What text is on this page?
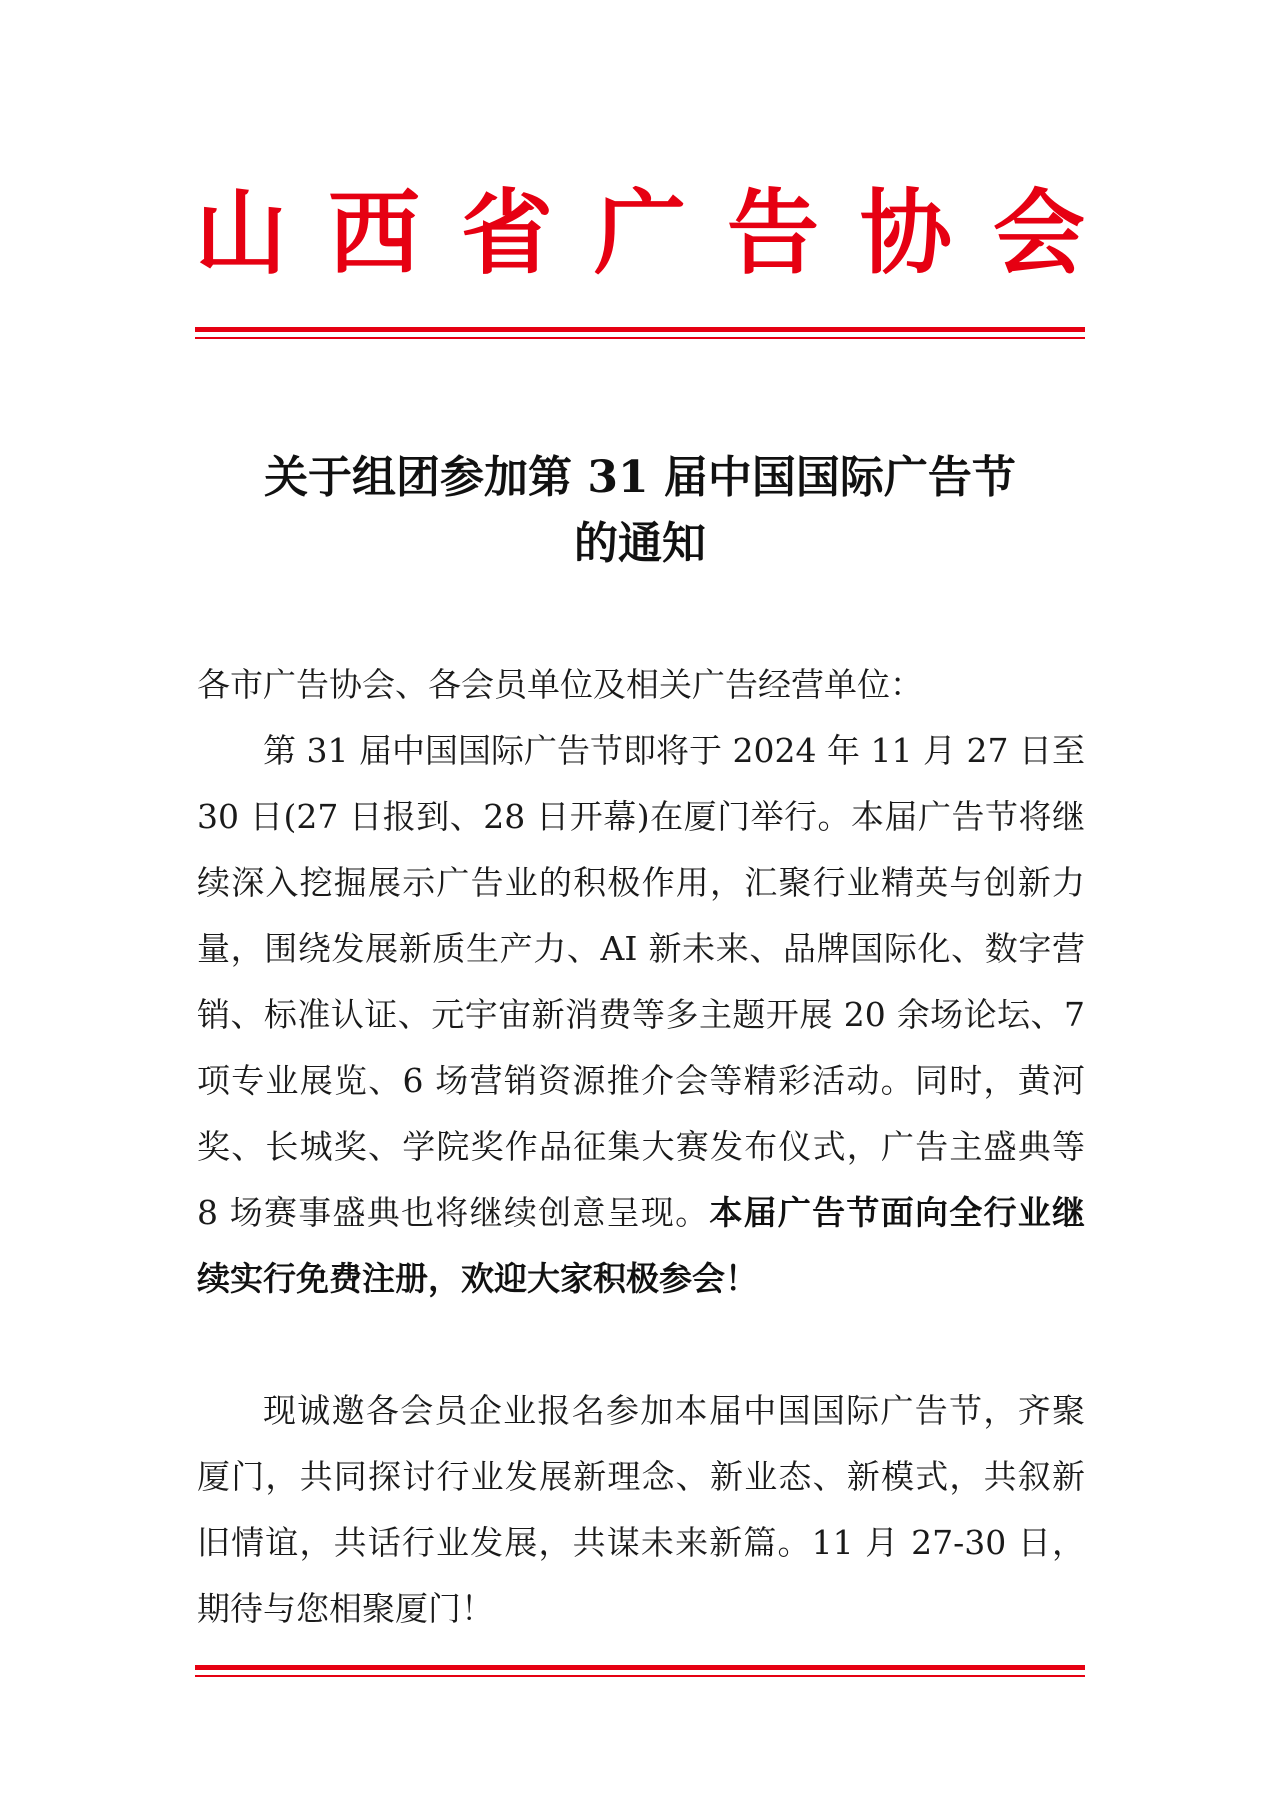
山 西 省 广 告 协 会
关于组团参加第 31 届中国国际广告节
的通知
各市广告协会、各会员单位及相关广告经营单位：

第 31 届中国国际广告节即将于 2024 年 11 月 27 日至 30 日(27 日报到、28 日开幕)在厦门举行。本届广告节将继续深入挖掘展示广告业的积极作用，汇聚行业精英与创新力量，围绕发展新质生产力、AI 新未来、品牌国际化、数字营销、标准认证、元宇宙新消费等多主题开展 20 余场论坛、7 项专业展览、6 场营销资源推介会等精彩活动。同时，黄河奖、长城奖、学院奖作品征集大赛发布仪式，广告主盛典等 8 场赛事盛典也将继续创意呈现。本届广告节面向全行业继续实行免费注册，欢迎大家积极参会！

现诚邀各会员企业报名参加本届中国国际广告节，齐聚厦门，共同探讨行业发展新理念、新业态、新模式，共叙新旧情谊，共话行业发展，共谋未来新篇。11 月 27-30 日，期待与您相聚厦门！
